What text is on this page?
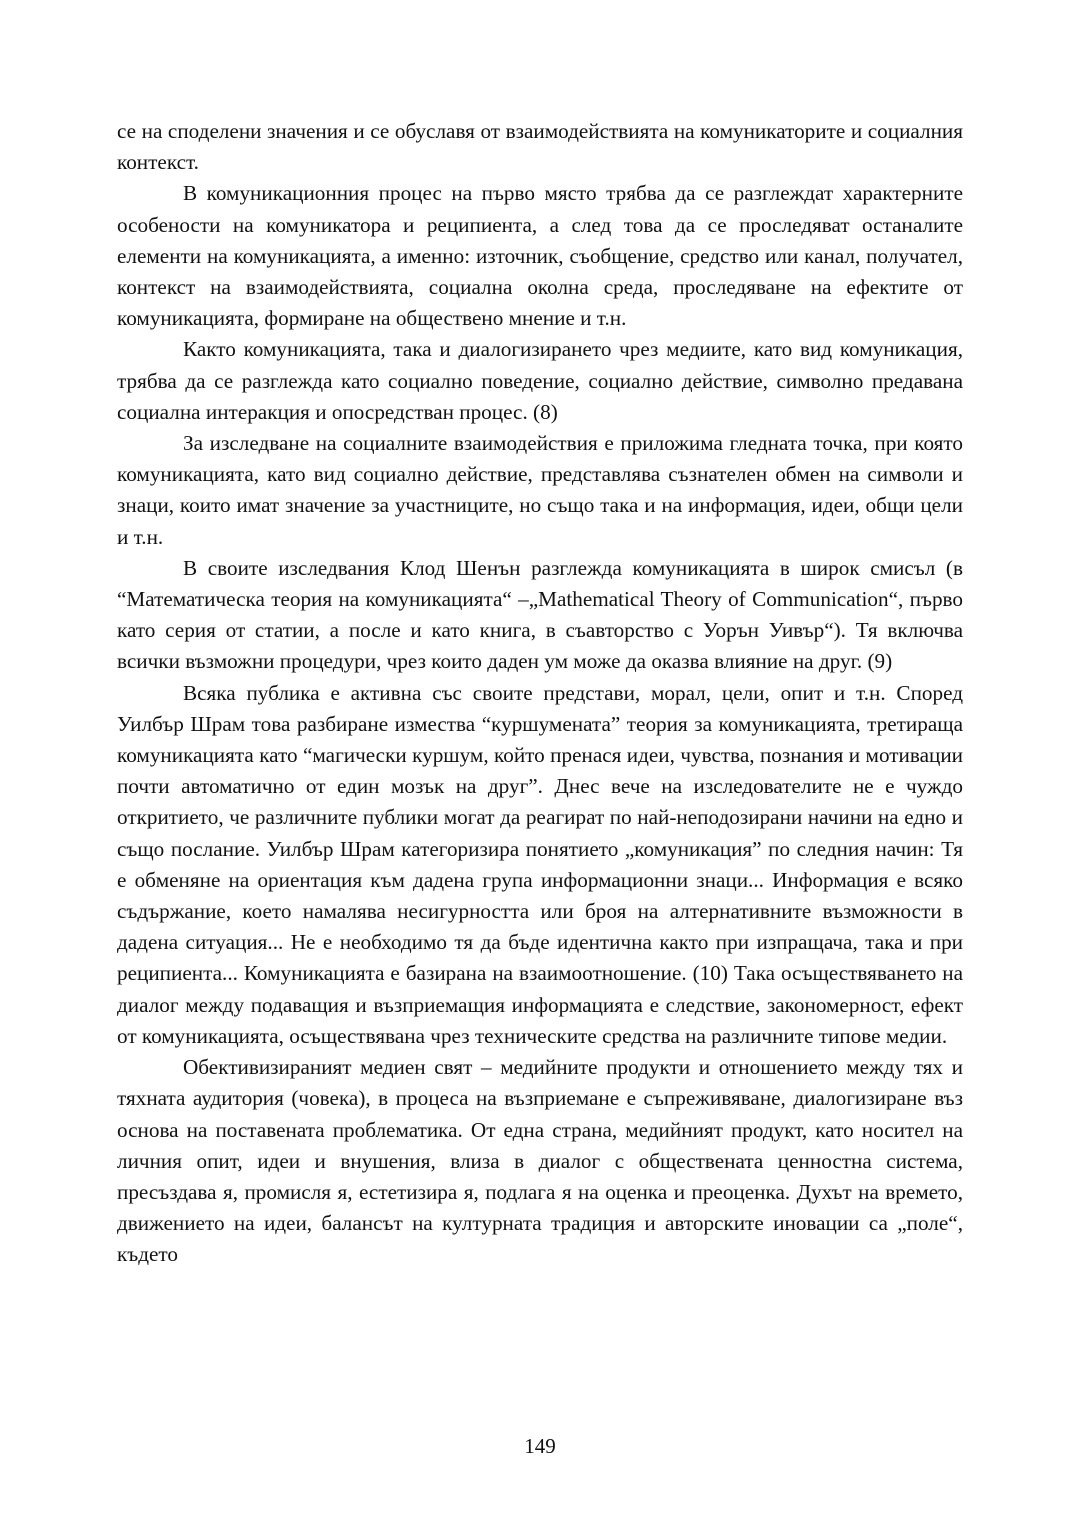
се на споделени значения и се обуславя от взаимодействията на комуникаторите и социалния контекст.

В комуникационния процес на първо място трябва да се разглеждат характерните особености на комуникатора и реципиента, а след това да се проследяват останалите елементи на комуникацията, а именно: източник, съобщение, средство или канал, получател, контекст на взаимодействията, социална околна среда, проследяване на ефектите от комуникацията, формиране на обществено мнение и т.н.

Както комуникацията, така и диалогизирането чрез медиите, като вид комуникация, трябва да се разглежда като социално поведение, социално действие, символно предавана социална интеракция и опосредстван процес. (8)

За изследване на социалните взаимодействия е приложима гледната точка, при която комуникацията, като вид социално действие, представлява съзнателен обмен на символи и знаци, които имат значение за участниците, но също така и на информация, идеи, общи цели и т.н.

В своите изследвания Клод Шенън разглежда комуникацията в широк смисъл (в “Математическа теория на комуникацията“ –„Mathematical Theory of Communication“, първо като серия от статии, а после и като книга, в съавторство с Уорън Уивър“). Тя включва всички възможни процедури, чрез които даден ум може да оказва влияние на друг. (9)

Всяка публика е активна със своите представи, морал, цели, опит и т.н. Според Уилбър Шрам това разбиране измества “куршумената” теория за комуникацията, третираща комуникацията като “магически куршум, който пренася идеи, чувства, познания и мотивации почти автоматично от един мозък на друг”. Днес вече на изследователите не е чуждо откритието, че различните публики могат да реагират по най-неподозирани начини на едно и също послание. Уилбър Шрам категоризира понятието „комуникация” по следния начин: Тя е обменяне на ориентация към дадена група информационни знаци... Информация е всяко съдържание, което намалява несигурността или броя на алтернативните възможности в дадена ситуация... Не е необходимо тя да бъде идентична както при изпращача, така и при реципиента... Комуникацията е базирана на взаимоотношение. (10) Така осъществяването на диалог между подаващия и възприемащия информацията е следствие, закономерност, ефект от комуникацията, осъществявана чрез техническите средства на различните типове медии.

Обективизираният медиен свят – медийните продукти и отношението между тях и тяхната аудитория (човека), в процеса на възприемане е съпреживяване, диалогизиране въз основа на поставената проблематика. От една страна, медийният продукт, като носител на личния опит, идеи и внушения, влиза в диалог с обществената ценностна система, пресъздава я, промисля я, естетизира я, подлага я на оценка и преоценка. Духът на времето, движението на идеи, балансът на културната традиция и авторските иновации са „поле“, където

149
